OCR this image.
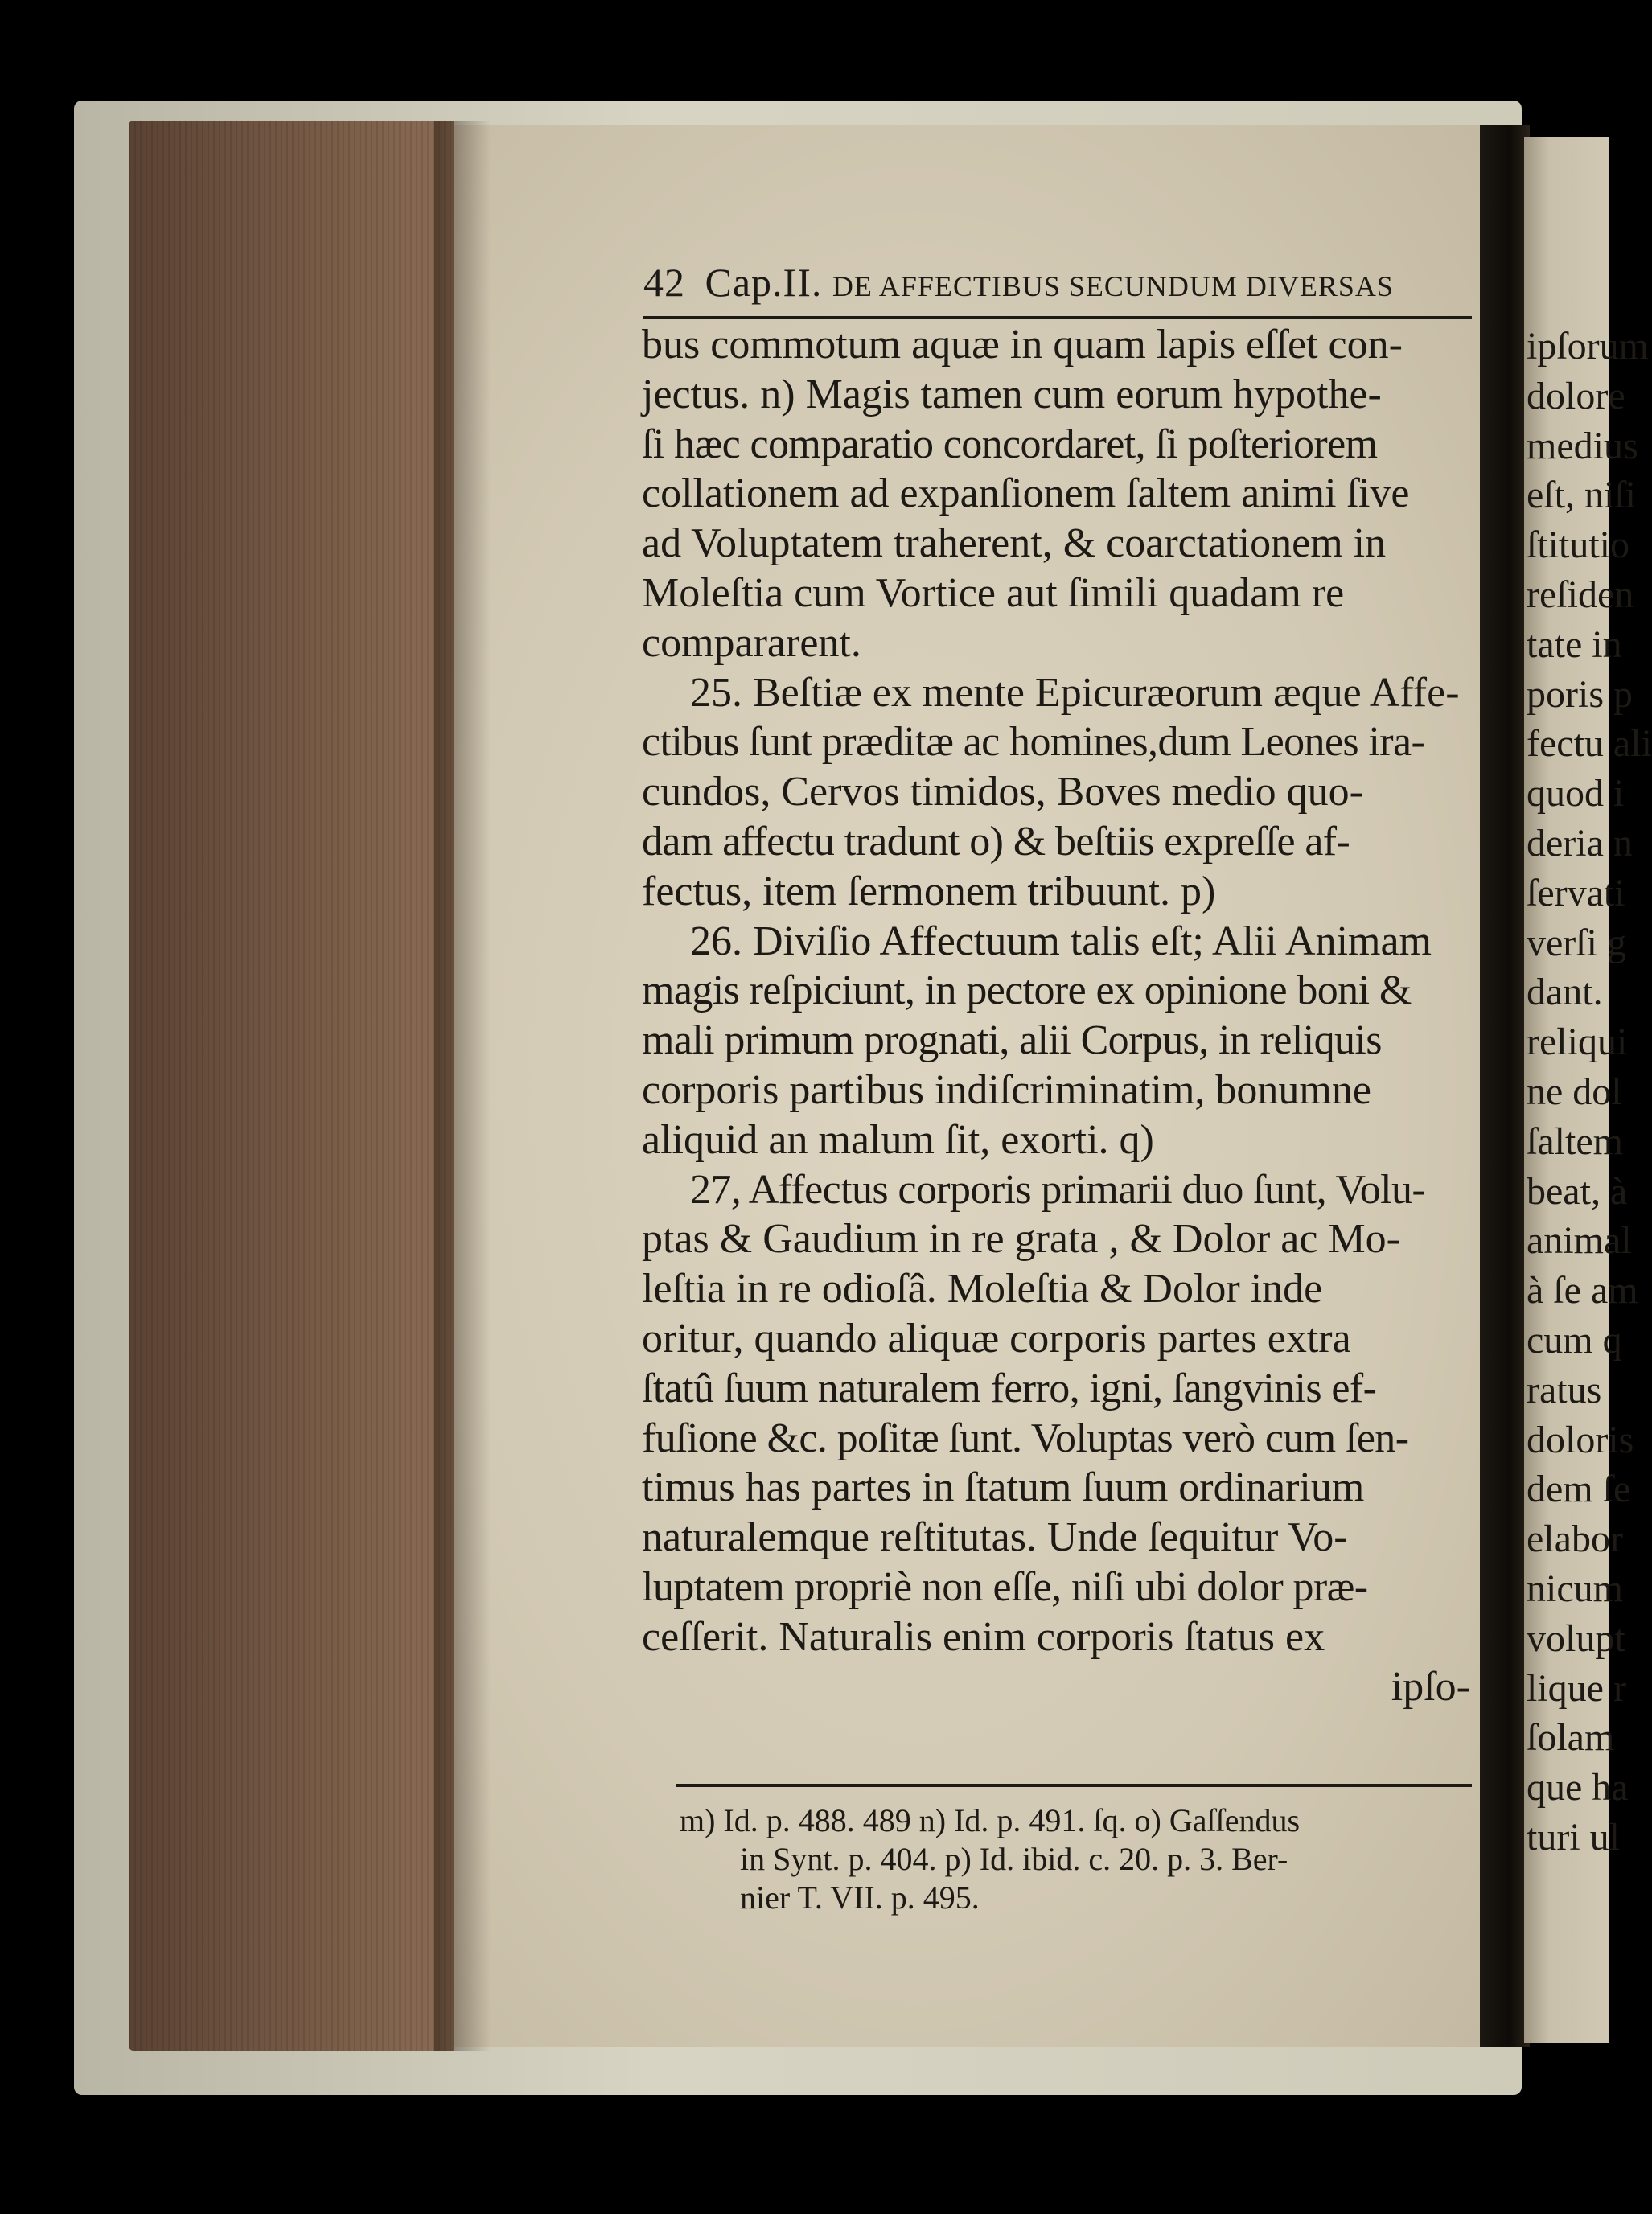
42 Cap.II. DE AFFECTIBUS SECUNDUM DIVERSAS
bus commotum aquæ in quam lapis eſſet con-
jectus. n) Magis tamen cum eorum hypothe-
ſi hæc comparatio concordaret, ſi poſteriorem
collationem ad expanſionem ſaltem animi ſive
ad Voluptatem traherent, & coarctationem in
Moleſtia cum Vortice aut ſimili quadam re
compararent.
25. Beſtiæ ex mente Epicuræorum æque Affe-
ctibus ſunt præditæ ac homines,dum Leones ira-
cundos, Cervos timidos, Boves medio quo-
dam affectu tradunt o) & beſtiis expreſſe af-
fectus, item ſermonem tribuunt. p)
26. Diviſio Affectuum talis eſt; Alii Animam
magis reſpiciunt, in pectore ex opinione boni &
mali primum prognati, alii Corpus, in reliquis
corporis partibus indiſcriminatim, bonumne
aliquid an malum ſit, exorti. q)
27, Affectus corporis primarii duo ſunt, Volu-
ptas & Gaudium in re grata , & Dolor ac Mo-
leſtia in re odioſâ. Moleſtia & Dolor inde
oritur, quando aliquæ corporis partes extra
ſtatû ſuum naturalem ferro, igni, ſangvinis ef-
fuſione &c. poſitæ ſunt. Voluptas verò cum ſen-
timus has partes in ſtatum ſuum ordinarium
naturalemque reſtitutas. Unde ſequitur Vo-
luptatem propriè non eſſe, niſi ubi dolor præ-
ceſſerit. Naturalis enim corporis ſtatus ex
ipſo-
m) Id. p. 488. 489 n) Id. p. 491. ſq. o) Gaſſendus
in Synt. p. 404. p) Id. ibid. c. 20. p. 3. Ber-
nier T. VII. p. 495.
ipſorum
dolore
medius
eſt, niſi
ſtitutio
reſiden
tate in
poris p
fectu ali
quod i
deria n
ſervati
verſi g
dant.
reliqui
ne dol
ſaltem
beat, à
animal
à ſe am
cum q
ratus
doloris
dem ſe
elabor
nicum
volupt
lique r
ſolam
que ha
turi ul
